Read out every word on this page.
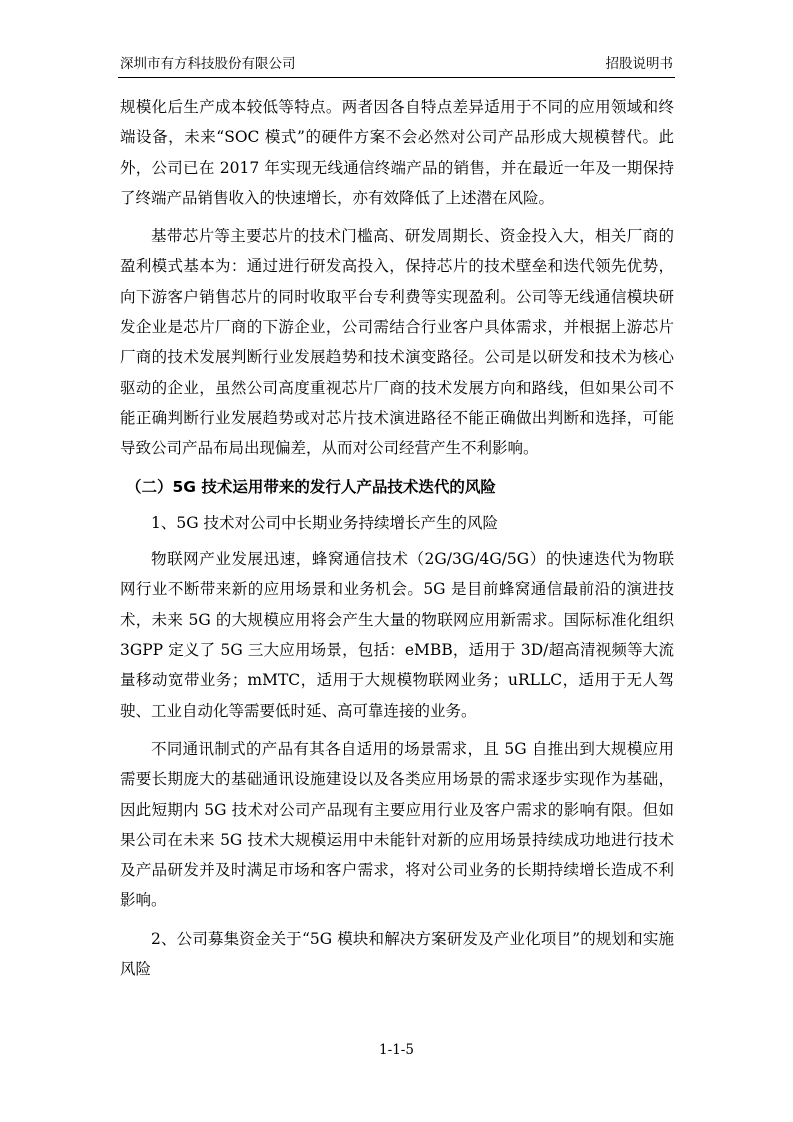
深圳市有方科技股份有限公司	招股说明书

规模化后生产成本较低等特点。两者因各自特点差异适用于不同的应用领域和终端设备，未来“SOC 模式”的硬件方案不会必然对公司产品形成大规模替代。此外，公司已在 2017 年实现无线通信终端产品的销售，并在最近一年及一期保持了终端产品销售收入的快速增长，亦有效降低了上述潜在风险。

基带芯片等主要芯片的技术门槛高、研发周期长、资金投入大，相关厂商的盈利模式基本为：通过进行研发高投入，保持芯片的技术壁垒和迭代领先优势，向下游客户销售芯片的同时收取平台专利费等实现盈利。公司等无线通信模块研发企业是芯片厂商的下游企业，公司需结合行业客户具体需求，并根据上游芯片厂商的技术发展判断行业发展趋势和技术演变路径。公司是以研发和技术为核心驱动的企业，虽然公司高度重视芯片厂商的技术发展方向和路线，但如果公司不能正确判断行业发展趋势或对芯片技术演进路径不能正确做出判断和选择，可能导致公司产品布局出现偏差，从而对公司经营产生不利影响。

（二）5G 技术运用带来的发行人产品技术迭代的风险

1、5G 技术对公司中长期业务持续增长产生的风险

物联网产业发展迅速，蜂窝通信技术（2G/3G/4G/5G）的快速迭代为物联网行业不断带来新的应用场景和业务机会。5G 是目前蜂窝通信最前沿的演进技术，未来 5G 的大规模应用将会产生大量的物联网应用新需求。国际标准化组织 3GPP 定义了 5G 三大应用场景，包括：eMBB，适用于 3D/超高清视频等大流量移动宽带业务；mMTC，适用于大规模物联网业务；uRLLC，适用于无人驾驶、工业自动化等需要低时延、高可靠连接的业务。

不同通讯制式的产品有其各自适用的场景需求，且 5G 自推出到大规模应用需要长期庞大的基础通讯设施建设以及各类应用场景的需求逐步实现作为基础，因此短期内 5G 技术对公司产品现有主要应用行业及客户需求的影响有限。但如果公司在未来 5G 技术大规模运用中未能针对新的应用场景持续成功地进行技术及产品研发并及时满足市场和客户需求，将对公司业务的长期持续增长造成不利影响。

2、公司募集资金关于“5G 模块和解决方案研发及产业化项目”的规划和实施风险

1-1-5
